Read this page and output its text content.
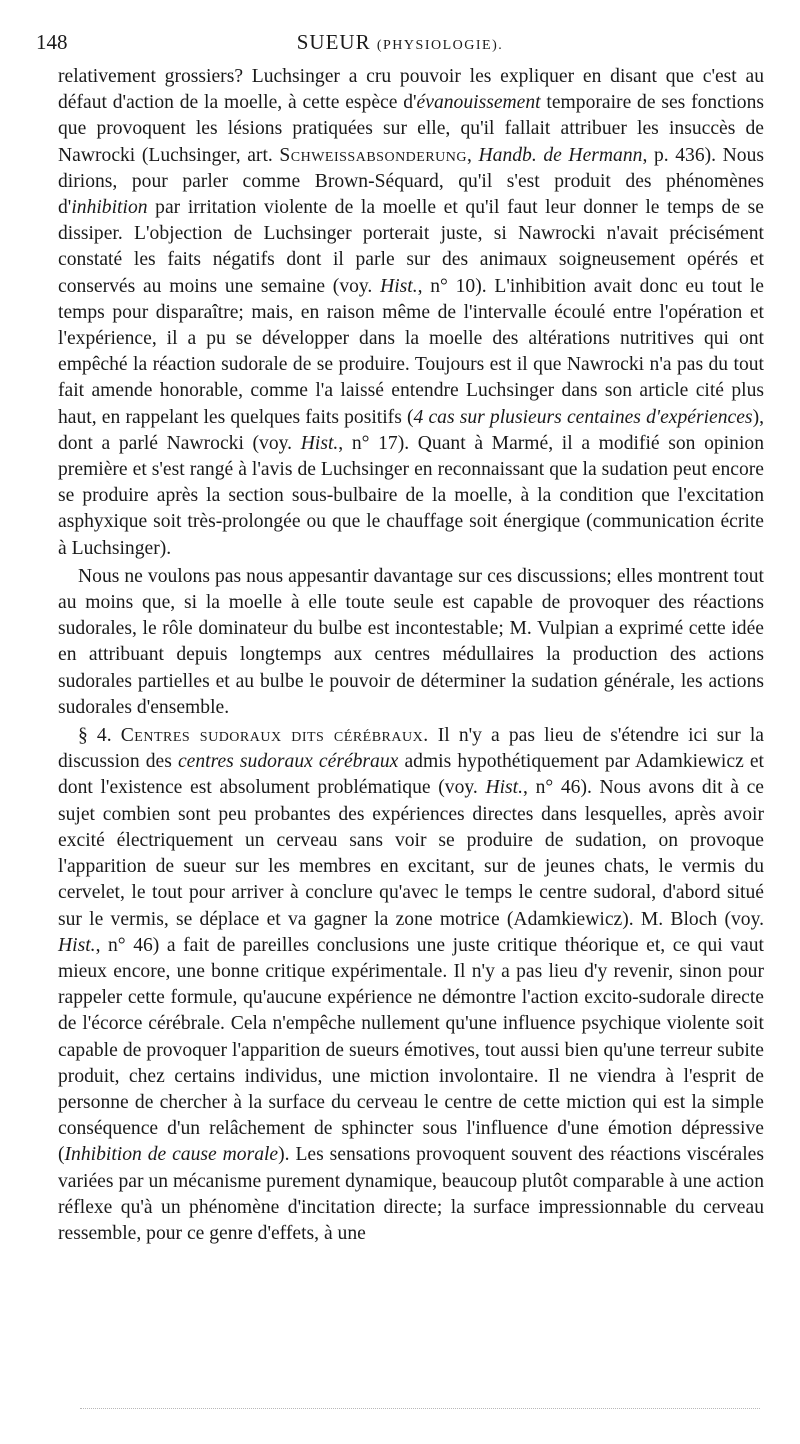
148	SUEUR (PHYSIOLOGIE).

relativement grossiers? Luchsinger a cru pouvoir les expliquer en disant que c'est au défaut d'action de la moelle, à cette espèce d'évanouissement temporaire de ses fonctions que provoquent les lésions pratiquées sur elle, qu'il fallait attribuer les insuccès de Nawrocki (Luchsinger, art. Schweissabsonderung, Handb. de Hermann, p. 436). Nous dirions, pour parler comme Brown-Séquard, qu'il s'est produit des phénomènes d'inhibition par irritation violente de la moelle et qu'il faut leur donner le temps de se dissiper. L'objection de Luchsinger porterait juste, si Nawrocki n'avait précisément constaté les faits négatifs dont il parle sur des animaux soigneusement opérés et conservés au moins une semaine (voy. Hist., n° 10). L'inhibition avait donc eu tout le temps pour disparaître; mais, en raison même de l'intervalle écoulé entre l'opération et l'expérience, il a pu se développer dans la moelle des altérations nutritives qui ont empêché la réaction sudorale de se produire. Toujours est il que Nawrocki n'a pas du tout fait amende honorable, comme l'a laissé entendre Luchsinger dans son article cité plus haut, en rappelant les quelques faits positifs (4 cas sur plusieurs centaines d'expériences), dont a parlé Nawrocki (voy. Hist., n° 17). Quant à Marmé, il a modifié son opinion première et s'est rangé à l'avis de Luchsinger en reconnaissant que la sudation peut encore se produire après la section sous-bulbaire de la moelle, à la condition que l'excitation asphyxique soit très-prolongée ou que le chauffage soit énergique (communication écrite à Luchsinger).

Nous ne voulons pas nous appesantir davantage sur ces discussions; elles montrent tout au moins que, si la moelle à elle toute seule est capable de provoquer des réactions sudorales, le rôle dominateur du bulbe est incontestable; M. Vulpian a exprimé cette idée en attribuant depuis longtemps aux centres médullaires la production des actions sudorales partielles et au bulbe le pouvoir de déterminer la sudation générale, les actions sudorales d'ensemble.

§ 4. Centres sudoraux dits cérébraux. Il n'y a pas lieu de s'étendre ici sur la discussion des centres sudoraux cérébraux admis hypothétiquement par Adamkiewicz et dont l'existence est absolument problématique (voy. Hist., n° 46). Nous avons dit à ce sujet combien sont peu probantes des expériences directes dans lesquelles, après avoir excité électriquement un cerveau sans voir se produire de sudation, on provoque l'apparition de sueur sur les membres en excitant, sur de jeunes chats, le vermis du cervelet, le tout pour arriver à conclure qu'avec le temps le centre sudoral, d'abord situé sur le vermis, se déplace et va gagner la zone motrice (Adamkiewicz). M. Bloch (voy. Hist., n° 46) a fait de pareilles conclusions une juste critique théorique et, ce qui vaut mieux encore, une bonne critique expérimentale. Il n'y a pas lieu d'y revenir, sinon pour rappeler cette formule, qu'aucune expérience ne démontre l'action excito-sudorale directe de l'écorce cérébrale. Cela n'empêche nullement qu'une influence psychique violente soit capable de provoquer l'apparition de sueurs émotives, tout aussi bien qu'une terreur subite produit, chez certains individus, une miction involontaire. Il ne viendra à l'esprit de personne de chercher à la surface du cerveau le centre de cette miction qui est la simple conséquence d'un relâchement de sphincter sous l'influence d'une émotion dépressive (Inhibition de cause morale). Les sensations provoquent souvent des réactions viscérales variées par un mécanisme purement dynamique, beaucoup plutôt comparable à une action réflexe qu'à un phénomène d'incitation directe; la surface impressionnable du cerveau ressemble, pour ce genre d'effets, à une
